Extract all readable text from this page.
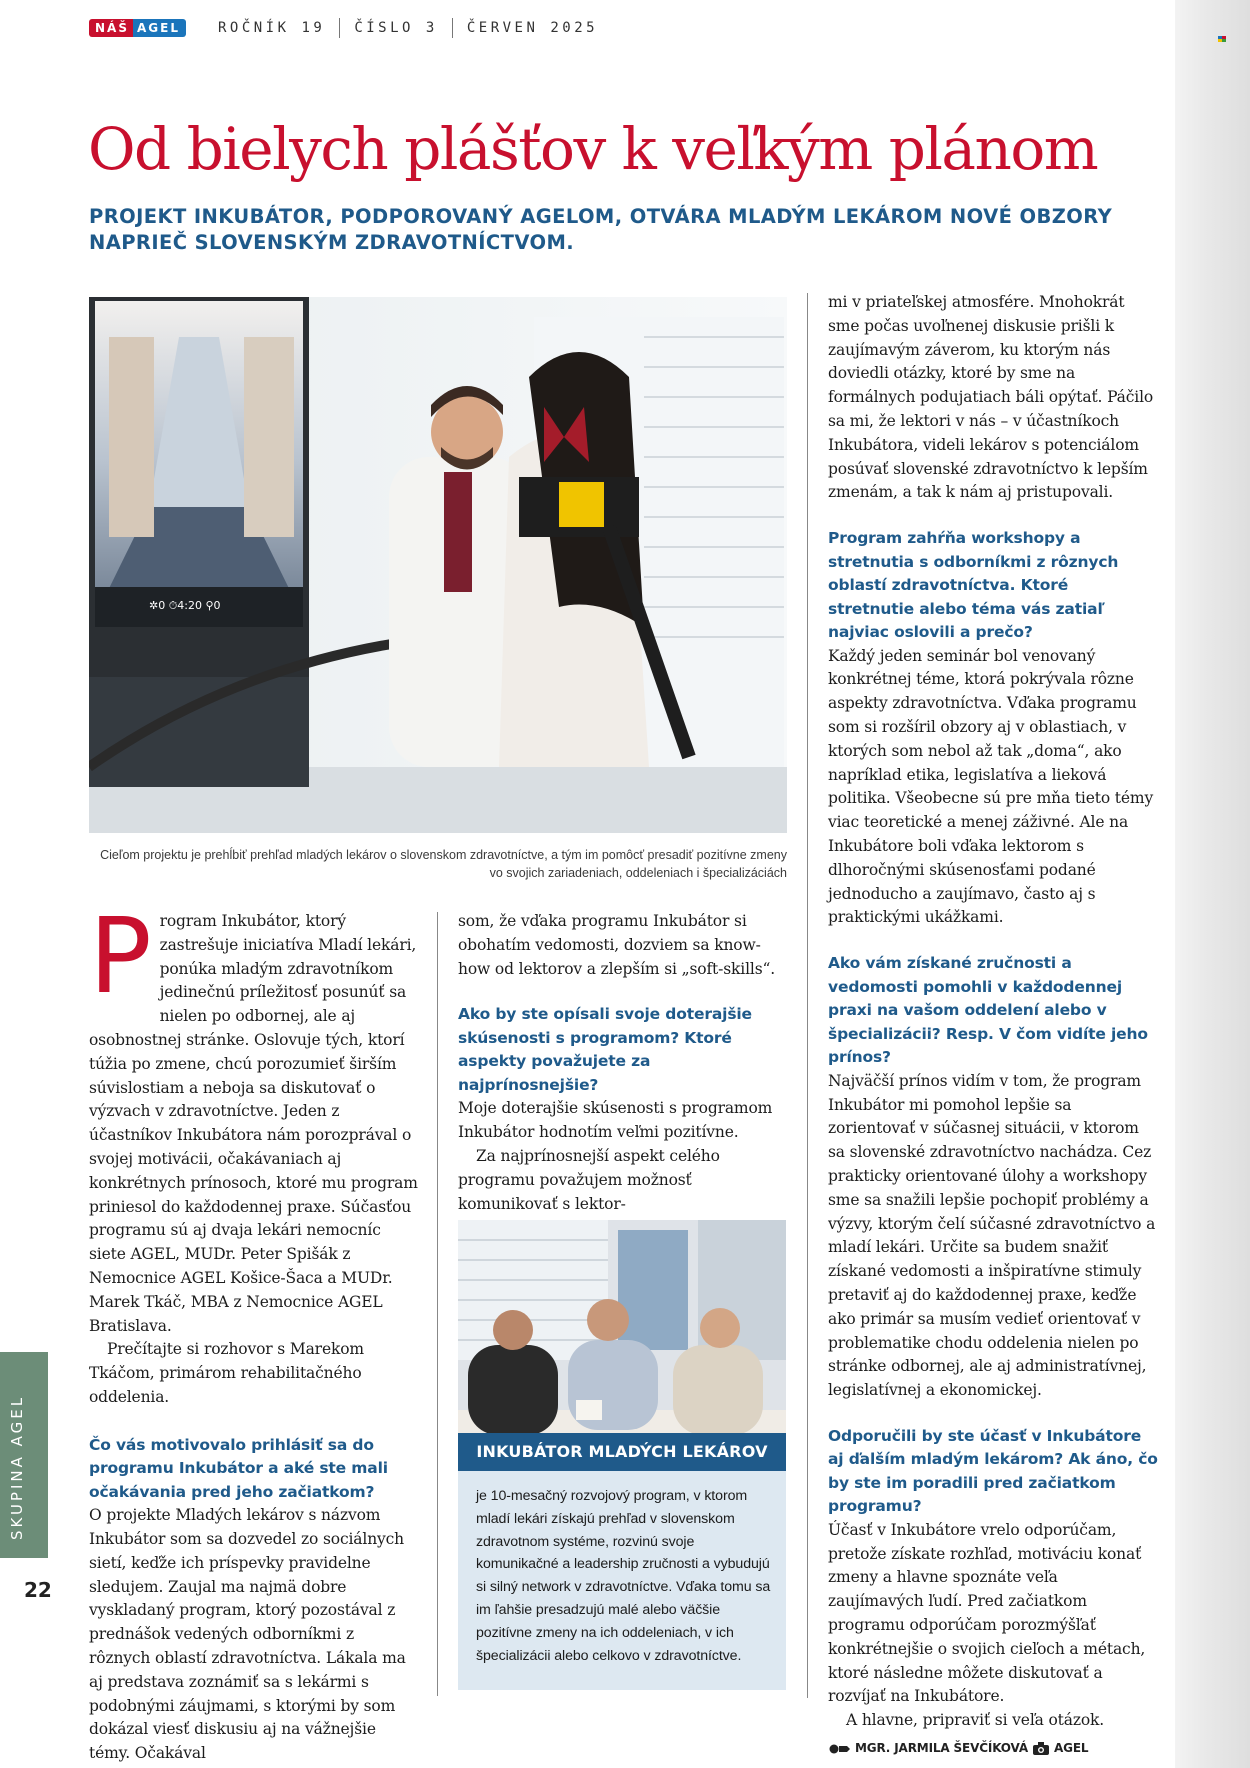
NÁŠ AGEL	ROČNÍK 19	ČÍSLO 3	ČERVEN 2025
Od bielych plášťov k veľkým plánom

PROJEKT INKUBÁTOR, PODPOROVANÝ AGELOM, OTVÁRA MLADÝM LEKÁROM NOVÉ OBZORY NAPRIEČ SLOVENSKÝM ZDRAVOTNÍCTVOM.

✲0 ⏱4:20 ⚲0

Cieľom projektu je prehĺbiť prehľad mladých lekárov o slovenskom zdravotníctve, a tým im pomôcť presadiť pozitívne zmeny vo svojich zariadeniach, oddeleniach i špecializáciách

P rogram Inkubátor, ktorý zastrešuje iniciatíva Mladí lekári, ponúka mladým zdravotníkom jedinečnú príležitosť posunúť sa nielen po odbornej, ale aj osobnostnej stránke. Oslovuje tých, ktorí túžia po zmene, chcú porozumieť širším súvislostiam a neboja sa diskutovať o výzvach v zdravotníctve. Jeden z účastníkov Inkubátora nám porozprával o svojej motivácii, očakávaniach aj konkrétnych prínosoch, ktoré mu program priniesol do každodennej praxe. Súčasťou programu sú aj dvaja lekári nemocníc siete AGEL, MUDr. Peter Spišák z Nemocnice AGEL Košice-Šaca a MUDr. Marek Tkáč, MBA z Nemocnice AGEL Bratislava.

Prečítajte si rozhovor s Marekom Tkáčom, primárom rehabilitačného oddelenia.

Čo vás motivovalo prihlásiť sa do programu Inkubátor a aké ste mali očakávania pred jeho začiatkom?

O projekte Mladých lekárov s názvom Inkubátor som sa dozvedel zo sociálnych sietí, keďže ich príspevky pravidelne sledujem. Zaujal ma najmä dobre vyskladaný program, ktorý pozostával z prednášok vedených odborníkmi z rôznych oblastí zdravotníctva. Lákala ma aj predstava zoznámiť sa s lekármi s podobnými záujmami, s ktorými by som dokázal viesť diskusiu aj na vážnejšie témy. Očakával

som, že vďaka programu Inkubátor si obohatím vedomosti, dozviem sa know-how od lektorov a zlepším si „soft-skills“.

Ako by ste opísali svoje doterajšie skúsenosti s programom? Ktoré aspekty považujete za najprínosnejšie?

Moje doterajšie skúsenosti s programom Inkubátor hodnotím veľmi pozitívne.

Za najprínosnejší aspekt celého programu považujem možnosť komunikovať s lektor-

INKUBÁTOR MLADÝCH LEKÁROV

je 10-mesačný rozvojový program, v ktorom mladí lekári získajú prehľad v slovenskom zdravotnom systéme, rozvinú svoje komunikačné a leadership zručnosti a vybudujú si silný network v zdravotníctve. Vďaka tomu sa im ľahšie presadzujú malé alebo väčšie pozitívne zmeny na ich oddeleniach, v ich špecializácii alebo celkovo v zdravotníctve.

mi v priateľskej atmosfére. Mnohokrát sme počas uvoľnenej diskusie prišli k zaujímavým záverom, ku ktorým nás doviedli otázky, ktoré by sme na formálnych podujatiach báli opýtať. Páčilo sa mi, že lektori v nás – v účastníkoch Inkubátora, videli lekárov s potenciálom posúvať slovenské zdravotníctvo k lepším zmenám, a tak k nám aj pristupovali.

Program zahŕňa workshopy a stretnutia s odborníkmi z rôznych oblastí zdravotníctva. Ktoré stretnutie alebo téma vás zatiaľ najviac oslovili a prečo?

Každý jeden seminár bol venovaný konkrétnej téme, ktorá pokrývala rôzne aspekty zdravotníctva. Vďaka programu som si rozšíril obzory aj v oblastiach, v ktorých som nebol až tak „doma“, ako napríklad etika, legislatíva a lieková politika. Všeobecne sú pre mňa tieto témy viac teoretické a menej záživné. Ale na Inkubátore boli vďaka lektorom s dlhoročnými skúsenosťami podané jednoducho a zaujímavo, často aj s praktickými ukážkami.

Ako vám získané zručnosti a vedomosti pomohli v každodennej praxi na vašom oddelení alebo v špecializácii? Resp. V čom vidíte jeho prínos?

Najväčší prínos vidím v tom, že program Inkubátor mi pomohol lepšie sa zorientovať v súčasnej situácii, v ktorom sa slovenské zdravotníctvo nachádza. Cez prakticky orientované úlohy a workshopy sme sa snažili lepšie pochopiť problémy a výzvy, ktorým čelí súčasné zdravotníctvo a mladí lekári. Určite sa budem snažiť získané vedomosti a inšpiratívne stimuly pretaviť aj do každodennej praxe, keďže ako primár sa musím vedieť orientovať v problematike chodu oddelenia nielen po stránke odbornej, ale aj administratívnej, legislatívnej a ekonomickej.

Odporučili by ste účasť v Inkubátore aj ďalším mladým lekárom? Ak áno, čo by ste im poradili pred začiatkom programu?

Účasť v Inkubátore vrelo odporúčam, pretože získate rozhľad, motiváciu konať zmeny a hlavne spoznáte veľa zaujímavých ľudí. Pred začiatkom programu odporúčam porozmýšľať konkrétnejšie o svojich cieľoch a métach, ktoré následne môžete diskutovať a rozvíjať na Inkubátore.

A hlavne, pripraviť si veľa otázok.

MGR. JARMILA ŠEVČÍKOVÁ AGEL
SKUPINA AGEL
22
